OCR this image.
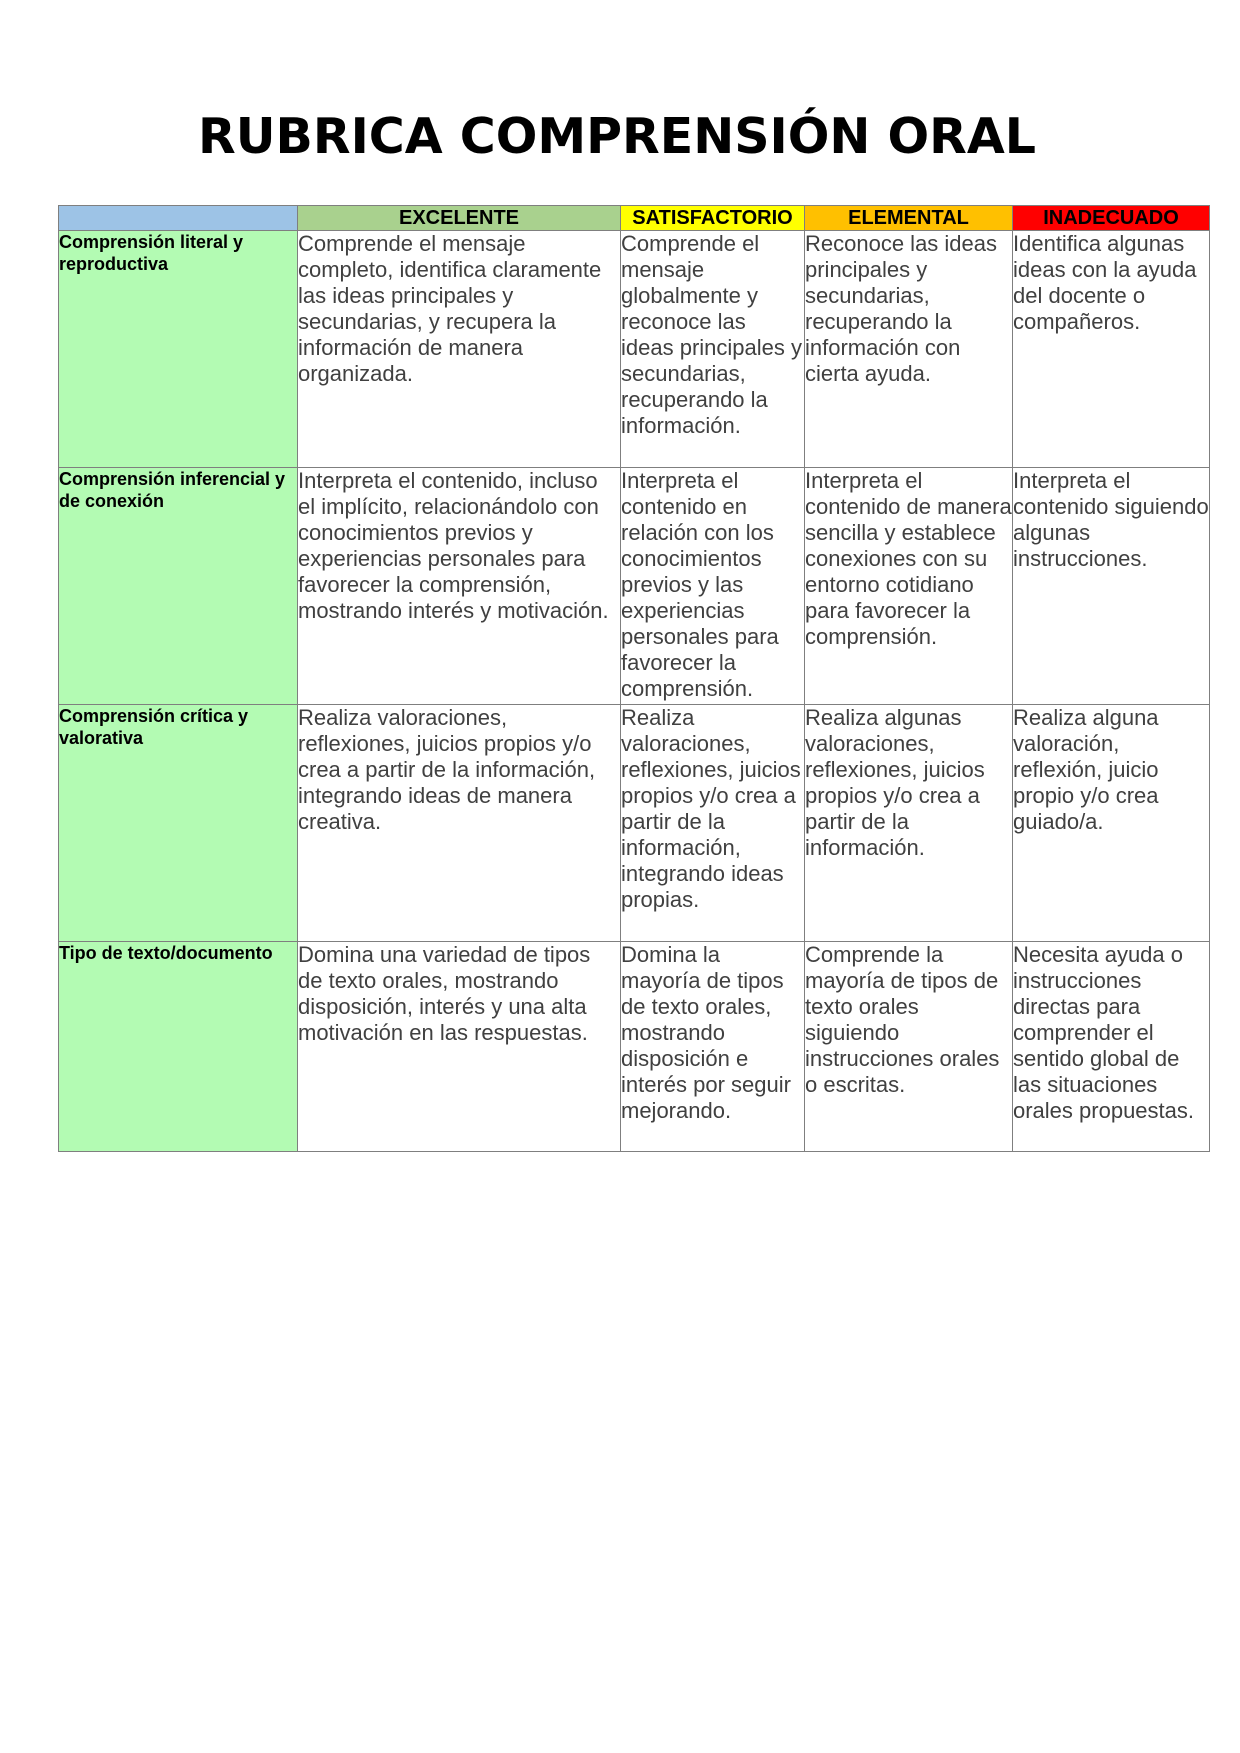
RUBRICA COMPRENSIÓN ORAL
	EXCELENTE	SATISFACTORIO	ELEMENTAL	INADECUADO
Comprensión literal y reproductiva	Comprende el mensaje completo, identifica claramente las ideas principales y secundarias, y recupera la información de manera organizada.	Comprende el mensaje globalmente y reconoce las ideas principales y secundarias, recuperando la información.	Reconoce las ideas principales y secundarias, recuperando la información con cierta ayuda.	Identifica algunas ideas con la ayuda del docente o compañeros.
Comprensión inferencial y de conexión	Interpreta el contenido, incluso el implícito, relacionándolo con conocimientos previos y experiencias personales para favorecer la comprensión, mostrando interés y motivación.	Interpreta el contenido en relación con los conocimientos previos y las experiencias personales para favorecer la comprensión.	Interpreta el contenido de manera sencilla y establece conexiones con su entorno cotidiano para favorecer la comprensión.	Interpreta el contenido siguiendo algunas instrucciones.
Comprensión crítica y valorativa	Realiza valoraciones, reflexiones, juicios propios y/o crea a partir de la información, integrando ideas de manera creativa.	Realiza valoraciones, reflexiones, juicios propios y/o crea a partir de la información, integrando ideas propias.	Realiza algunas valoraciones, reflexiones, juicios propios y/o crea a partir de la información.	Realiza alguna valoración, reflexión, juicio propio y/o crea guiado/a.
Tipo de texto/documento	Domina una variedad de tipos de texto orales, mostrando disposición, interés y una alta motivación en las respuestas.	Domina la mayoría de tipos de texto orales, mostrando disposición e interés por seguir mejorando.	Comprende la mayoría de tipos de texto orales siguiendo instrucciones orales o escritas.	Necesita ayuda o instrucciones directas para comprender el sentido global de las situaciones orales propuestas.
